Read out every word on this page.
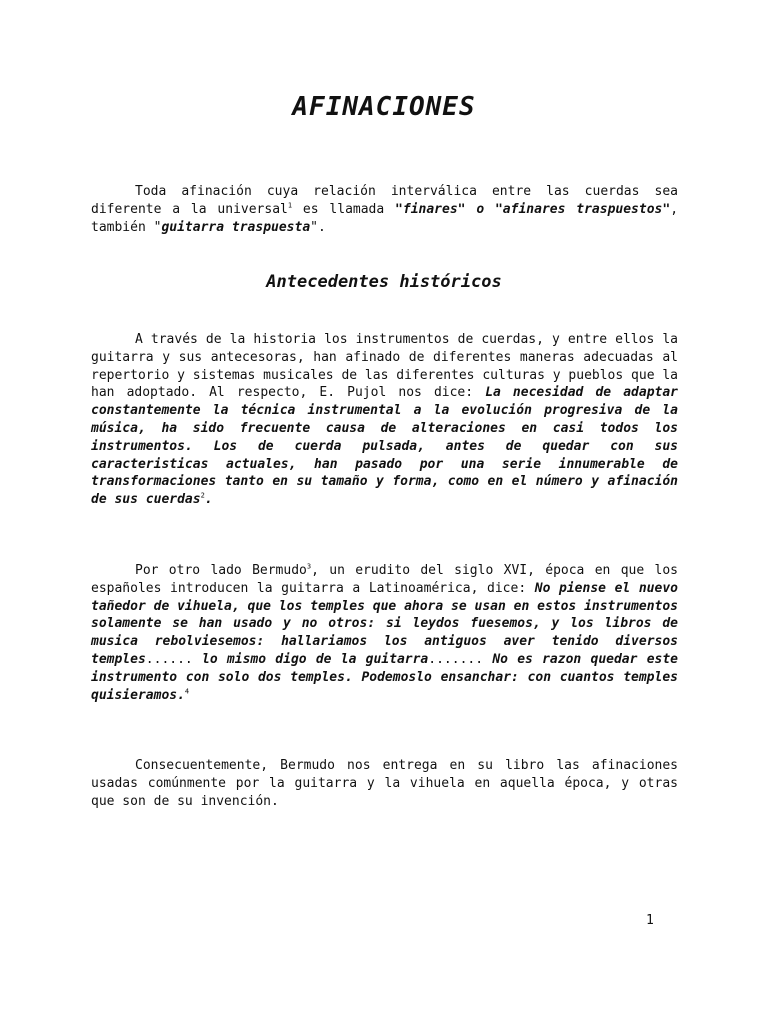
AFINACIONES

Toda afinación cuya relación interválica entre las cuerdas sea diferente a la universal$^1$ es llamada "finares" o "afinares traspuestos", también "guitarra traspuesta".

Antecedentes históricos

A través de la historia los instrumentos de cuerdas, y entre ellos la guitarra y sus antecesoras, han afinado de diferentes maneras adecuadas al repertorio y sistemas musicales de las diferentes culturas y pueblos que la han adoptado. Al respecto, E. Pujol nos dice: La necesidad de adaptar constantemente la técnica instrumental a la evolución progresiva de la música, ha sido frecuente causa de alteraciones en casi todos los instrumentos. Los de cuerda pulsada, antes de quedar con sus caracteristicas actuales, han pasado por una serie innumerable de transformaciones tanto en su tamaño y forma, como en el número y afinación de sus cuerdas$^2$.

Por otro lado Bermudo$^3$, un erudito del siglo XVI, época en que los españoles introducen la guitarra a Latinoamérica, dice: No piense el nuevo tañedor de vihuela, que los temples que ahora se usan en estos instrumentos solamente se han usado y no otros: si leydos fuesemos, y los libros de musica rebolviesemos: hallariamos los antiguos aver tenido diversos temples...... lo mismo digo de la guitarra....... No es razon quedar este instrumento con solo dos temples. Podemoslo ensanchar: con cuantos temples quisieramos.$^4$

Consecuentemente, Bermudo nos entrega en su libro las afinaciones usadas comúnmente por la guitarra y la vihuela en aquella época, y otras que son de su invención.

1
